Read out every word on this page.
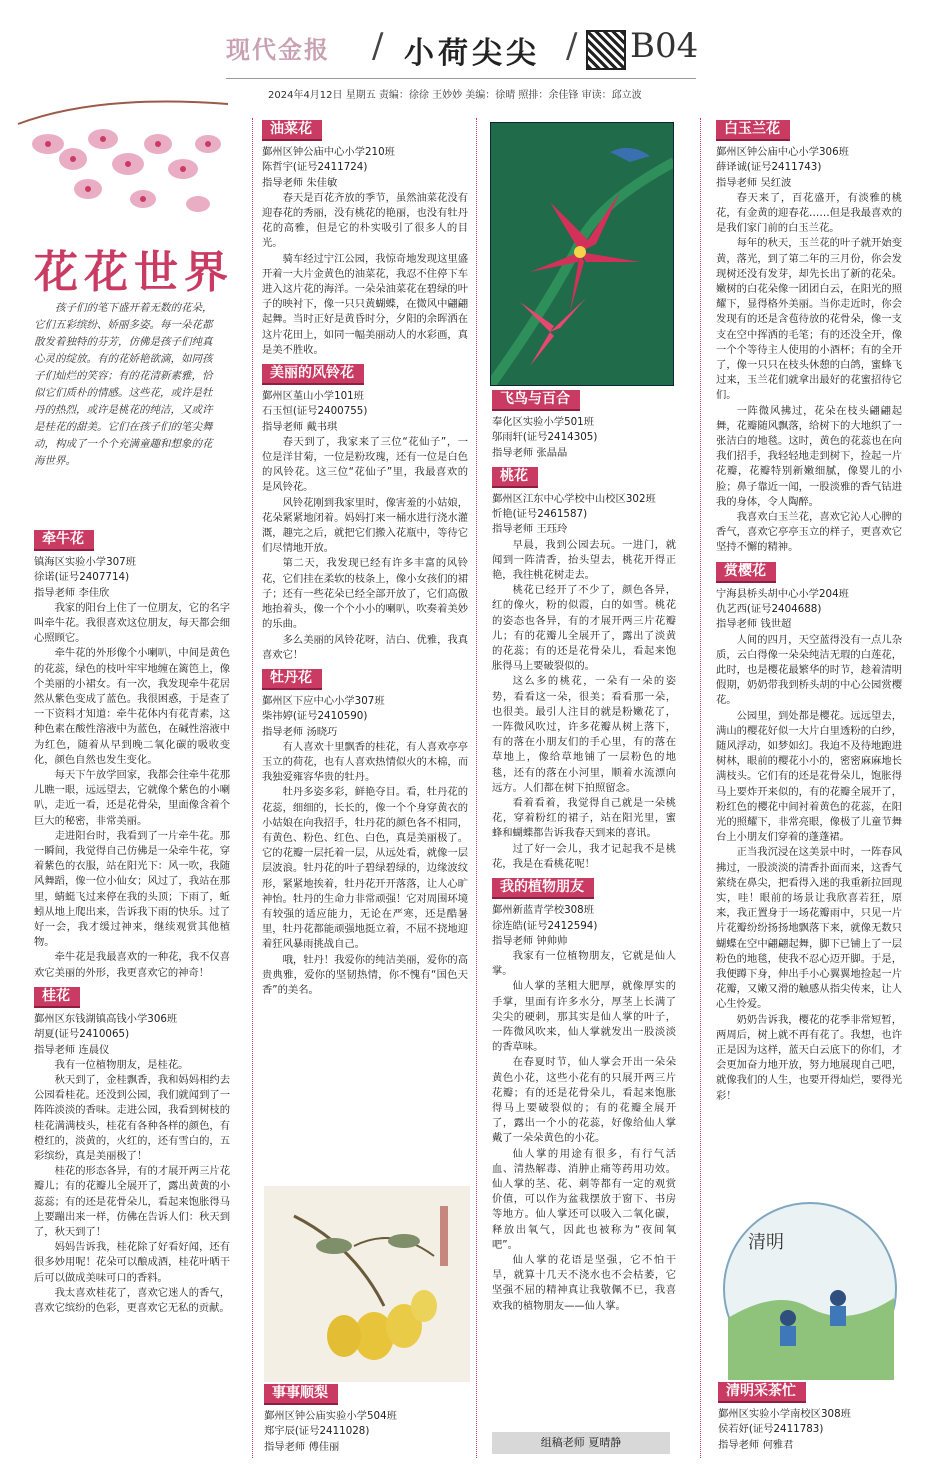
现代金报 / 小荷尖尖 / B04
2024年4月12日 星期五 责编：徐徐 王妙妙 美编：徐晴 照排：余佳锋 审读：邱立波
花花世界

孩子们的笔下盛开着无数的花朵，它们五彩缤纷、娇丽多姿。每一朵花都散发着独特的芬芳，仿佛是孩子们纯真心灵的绽放。有的花娇艳欲滴，如同孩子们灿烂的笑容；有的花清新素雅，恰似它们质朴的情感。这些花，或许是牡丹的热烈，或许是桃花的纯洁，又或许是桂花的甜美。它们在孩子们的笔尖舞动，构成了一个个充满童趣和想象的花海世界。

牵牛花
镇海区实验小学307班
徐诺(证号2407714)
指导老师 李佳欣

我家的阳台上住了一位朋友，它的名字叫牵牛花。我很喜欢这位朋友，每天都会细心照顾它。

牵牛花的外形像个小喇叭，中间是黄色的花蕊，绿色的枝叶牢牢地缠在篱笆上，像个美丽的小裙女。有一次，我发现牵牛花居然从紫色变成了蓝色。我很困惑，于是查了一下资料才知道：牵牛花体内有花青素，这种色素在酸性溶液中为蓝色，在碱性溶液中为红色，随着从早到晚二氧化碳的吸收变化，颜色自然也发生变化。

每天下午放学回家，我都会往牵牛花那儿瞧一眼，远远望去，它就像个紫色的小喇叭，走近一看，还是花骨朵，里面像含着个巨大的秘密，非常美丽。

走进阳台时，我看到了一片牵牛花。那一瞬间，我觉得自己仿佛是一朵牵牛花，穿着紫色的衣服，站在阳光下：风一吹，我随风舞蹈，像一位小仙女；风过了，我站在那里，蜻蜓飞过来停在我的头顶；下雨了，蚯蚓从地上爬出来，告诉我下雨的快乐。过了好一会，我才缓过神来，继续观赏其他植物。

牵牛花是我最喜欢的一种花，我不仅喜欢它美丽的外形，我更喜欢它的神奇！

桂花
鄞州区东钱湖镇高钱小学306班
胡夏(证号2410065)
指导老师 连晨仪

我有一位植物朋友，是桂花。

秋天到了，金桂飘香，我和妈妈相约去公园看桂花。还没到公园，我们就闻到了一阵阵淡淡的香味。走进公园，我看到树枝的桂花满满枝头，桂花有各种各样的颜色，有橙红的，淡黄的，火红的，还有雪白的，五彩缤纷，真是美丽极了！

桂花的形态各异，有的才展开两三片花瓣儿；有的花瓣儿全展开了，露出黄黄的小蕊蕊；有的还是花骨朵儿，看起来饱胀得马上要蹦出来一样，仿佛在告诉人们：秋天到了，秋天到了！

妈妈告诉我，桂花除了好看好闻，还有很多妙用呢！花朵可以酿成酒，桂花叶晒干后可以做成美味可口的香料。

我太喜欢桂花了，喜欢它迷人的香气，喜欢它缤纷的色彩，更喜欢它无私的贡献。

油菜花
鄞州区钟公庙中心小学210班
陈哲宇(证号2411724)
指导老师 朱佳敏

春天是百花齐放的季节，虽然油菜花没有迎春花的秀丽，没有桃花的艳丽，也没有牡丹花的高雅，但是它的朴实吸引了很多人的目光。

骑车经过宁江公园，我惊奇地发现这里盛开着一大片金黄色的油菜花，我忍不住停下车进入这片花的海洋。一朵朵油菜花在碧绿的叶子的映衬下，像一只只黄蝴蝶，在微风中翩翩起舞。当时正好是黄昏时分，夕阳的余晖洒在这片花田上，如同一幅美丽动人的水彩画，真是美不胜收。

美丽的风铃花
鄞州区堇山小学101班
石玉恒(证号2400755)
指导老师 戴书琪

春天到了，我家来了三位“花仙子”，一位是洋甘菊，一位是粉玫瑰，还有一位是白色的风铃花。这三位“花仙子”里，我最喜欢的是风铃花。

风铃花刚到我家里时，像害羞的小姑娘，花朵紧紧地闭着。妈妈打来一桶水进行浇水灌溉，趣完之后，就把它们搬入花瓶中，等待它们尽情地开放。

第二天，我发现已经有许多丰富的风铃花，它们挂在柔软的枝条上，像小女孩们的裙子；还有一些花朵已经全部开放了，它们高傲地抬着头，像一个个小小的喇叭，吹奏着美妙的乐曲。

多么美丽的风铃花呀，洁白、优雅，我真喜欢它！

牡丹花
鄞州区下应中心小学307班
柴祎婷(证号2410590)
指导老师 汤晓巧

有人喜欢十里飘香的桂花，有人喜欢亭亭玉立的荷花，也有人喜欢热情似火的木棉，而我独爱雍容华贵的牡丹。

牡丹多姿多彩，鲜艳夺目。看，牡丹花的花蕊，细细的，长长的，像一个个身穿黄衣的小姑娘在向我招手，牡丹花的颜色各不相同，有黄色、粉色、红色、白色，真是美丽极了。它的花瓣一层托着一层，从远处看，就像一层层波浪。牡丹花的叶子碧绿碧绿的，边缘波纹形，紧紧地挨着，牡丹花开开落落，让人心旷神怡。牡丹的生命力非常顽强！它对周围环境有较强的适应能力，无论在严寒，还是酷暑里，牡丹花都能顽强地挺立着，不屈不挠地迎着狂风暴雨挑战自己。

哦，牡丹！我爱你的纯洁美丽，爱你的高贵典雅，爱你的坚韧热情，你不愧有“国色天香”的美名。

事事顺梨
鄞州区钟公庙实验小学504班
郑宇辰(证号2411028)
指导老师 傅佳丽
飞鸟与百合
奉化区实验小学501班
邬雨轩(证号2414305)
指导老师 张晶晶
桃花
鄞州区江东中心学校中山校区302班
忻艳(证号2461587)
指导老师 王珏玲

早晨，我到公园去玩。一进门，就闻到一阵清香，抬头望去，桃花开得正艳，我往桃花树走去。

桃花已经开了不少了，颜色各异，红的像火，粉的似霞，白的如雪。桃花的姿态也各异，有的才展开两三片花瓣儿；有的花瓣儿全展开了，露出了淡黄的花蕊；有的还是花骨朵儿，看起来饱胀得马上要破裂似的。

这么多的桃花，一朵有一朵的姿势，看看这一朵，很美；看看那一朵，也很美。最引人注目的就是粉嫩花了，一阵微风吹过，许多花瓣从树上落下，有的落在小朋友们的手心里，有的落在草地上，像给草地铺了一层粉色的地毯，还有的落在小河里，顺着水流漂向远方。人们都在树下拍照留念。

看着看着，我觉得自己就是一朵桃花，穿着粉红的裙子，站在阳光里，蜜蜂和蝴蝶都告诉我春天到来的喜讯。

过了好一会儿，我才记起我不是桃花，我是在看桃花呢！

我的植物朋友
鄞州新蓝青学校308班
徐连皓(证号2412594)
指导老师 钟帅帅

我家有一位植物朋友，它就是仙人掌。

仙人掌的茎粗大肥厚，就像厚实的手掌，里面有许多水分，厚茎上长满了尖尖的硬刺，那其实是仙人掌的叶子，一阵微风吹来，仙人掌就发出一股淡淡的香草味。

在春夏时节，仙人掌会开出一朵朵黄色小花，这些小花有的只展开两三片花瓣；有的还是花骨朵儿，看起来饱胀得马上要破裂似的；有的花瓣全展开了，露出一个小的花蕊，好像给仙人掌戴了一朵朵黄色的小花。

仙人掌的用途有很多，有行气活血、清热解毒、消肿止痛等药用功效。仙人掌的茎、花、刺等都有一定的观赏价值，可以作为盆栽摆放于窗下、书房等地方。仙人掌还可以吸入二氧化碳，释放出氧气，因此也被称为“夜间氧吧”。

仙人掌的花语是坚强，它不怕干旱，就算十几天不浇水也不会枯萎，它坚强不屈的精神真让我敬佩不已，我喜欢我的植物朋友——仙人掌。

组稿老师 夏晴静
白玉兰花
鄞州区钟公庙中心小学306班
薛译诚(证号2411743)
指导老师 吴红波

春天来了，百花盛开，有淡雅的桃花，有金黄的迎春花……但是我最喜欢的是我们家门前的白玉兰花。

每年的秋天，玉兰花的叶子就开始变黄，落光，到了第二年的三月份，你会发现树还没有发芽，却先长出了新的花朵。嫩树的白花朵像一团团白云，在阳光的照耀下，显得格外美丽。当你走近时，你会发现有的还是含苞待放的花骨朵，像一支支在空中挥洒的毛笔；有的还没全开，像一个个等待主人使用的小酒杯；有的全开了，像一只只在枝头休憩的白鸽，蜜蜂飞过来，玉兰花们就拿出最好的花蜜招待它们。

一阵微风拂过，花朵在枝头翩翩起舞，花瓣随风飘落，给树下的大地织了一张洁白的地毯。这时，黄色的花蕊也在向我们招手，我轻轻地走到树下，捡起一片花瓣，花瓣特别新嫩细腻，像婴儿的小脸；鼻子靠近一闻，一股淡雅的香气钻进我的身体，令人陶醉。

我喜欢白玉兰花，喜欢它沁人心脾的香气，喜欢它亭亭玉立的样子，更喜欢它坚持不懈的精神。

赏樱花
宁海县桥头胡中心小学204班
仇艺西(证号2404688)
指导老师 钱世超

人间的四月，天空蓝得没有一点儿杂质，云白得像一朵朵纯洁无瑕的白莲花，此时，也是樱花最繁华的时节，趁着清明假期，奶奶带我到桥头胡的中心公园赏樱花。

公园里，到处都是樱花。远远望去，满山的樱花好似一大片白里透粉的白纱，随风浮动，如梦如幻。我迫不及待地跑进树林，眼前的樱花小小的，密密麻麻地长满枝头。它们有的还是花骨朵儿，饱胀得马上要炸开来似的，有的花瓣全展开了，粉红色的樱花中间衬着黄色的花蕊，在阳光的照耀下，非常亮眼，像极了儿童节舞台上小朋友们穿着的蓬蓬裙。

正当我沉浸在这美景中时，一阵春风拂过，一股淡淡的清香扑面而来，这香气萦绕在鼻尖，把看得入迷的我重新拉回现实，哇！眼前的场景让我欣喜若狂，原来，我正置身于一场花瓣雨中，只见一片片花瓣纷纷扬扬地飘落下来，就像无数只蝴蝶在空中翩翩起舞，脚下已铺上了一层粉色的地毯，使我不忍心迈开脚。于是，我便蹲下身，伸出手小心翼翼地捡起一片花瓣，又嫩又滑的触感从指尖传来，让人心生怜爱。

奶奶告诉我，樱花的花季非常短暂，两周后，树上就不再有花了。我想，也许正是因为这样，蓝天白云底下的你们，才会更加奋力地开放，努力地展现自己吧，就像我们的人生，也要开得灿烂，要得光彩！

清明
清明采茶忙
鄞州区实验小学南校区308班
侯若妤(证号2411783)
指导老师 何雅君
